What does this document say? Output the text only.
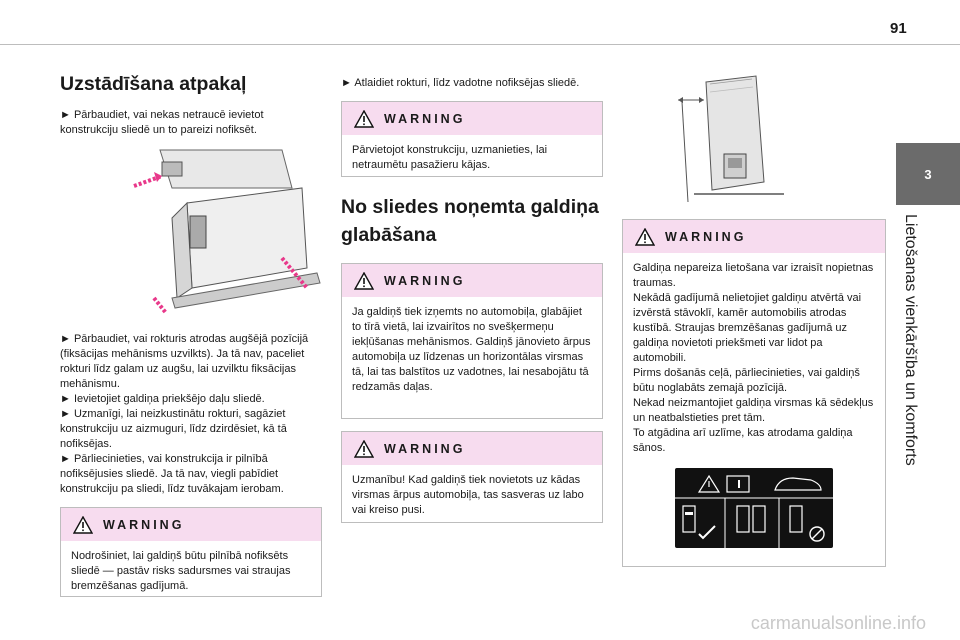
91
3
Lietošanas vienkāršība un komforts
Uzstādīšana atpakaļ

► Pārbaudiet, vai nekas netraucē ievietot konstrukciju sliedē un to pareizi nofiksēt.

► Pārbaudiet, vai rokturis atrodas augšējā pozīcijā (fiksācijas mehānisms uzvilkts). Ja tā nav, paceliet rokturi līdz galam uz augšu, lai uzvilktu fiksācijas mehānismu.

► Ievietojiet galdiņa priekšējo daļu sliedē.

► Uzmanīgi, lai neizkustinātu rokturi, sagāziet konstrukciju uz aizmuguri, līdz dzirdēsiet, kā tā nofiksējas.

► Pārliecinieties, vai konstrukcija ir pilnībā nofiksējusies sliedē. Ja tā nav, viegli pabīdiet konstrukciju pa sliedi, līdz tuvākajam ierobam.

WARNING
Nodrošiniet, lai galdiņš būtu pilnībā nofiksēts sliedē — pastāv risks sadursmes vai straujas bremzēšanas gadījumā.

► Atlaidiet rokturi, līdz vadotne nofiksējas sliedē.

WARNING
Pārvietojot konstrukciju, uzmanieties, lai netraumētu pasažieru kājas.
No sliedes noņemta galdiņa glabāšana
WARNING
Ja galdiņš tiek izņemts no automobiļa, glabājiet to tīrā vietā, lai izvairītos no svešķermeņu iekļūšanas mehānismos. Galdiņš jānovieto ārpus automobiļa uz līdzenas un horizontālas virsmas tā, lai tas balstītos uz vadotnes, lai nesabojātu tā redzamās daļas.
WARNING
Uzmanību! Kad galdiņš tiek novietots uz kādas virsmas ārpus automobiļa, tas sasveras uz labo vai kreiso pusi.
WARNING

Galdiņa nepareiza lietošana var izraisīt nopietnas traumas.

Nekādā gadījumā nelietojiet galdiņu atvērtā vai izvērstā stāvoklī, kamēr automobilis atrodas kustībā. Straujas bremzēšanas gadījumā uz galdiņa novietoti priekšmeti var lidot pa automobili.

Pirms došanās ceļā, pārliecinieties, vai galdiņš būtu noglabāts zemajā pozīcijā.

Nekad neizmantojiet galdiņa virsmas kā sēdekļus un neatbalstieties pret tām.

To atgādina arī uzlīme, kas atrodama galdiņa sānos.

carmanualsonline.info
